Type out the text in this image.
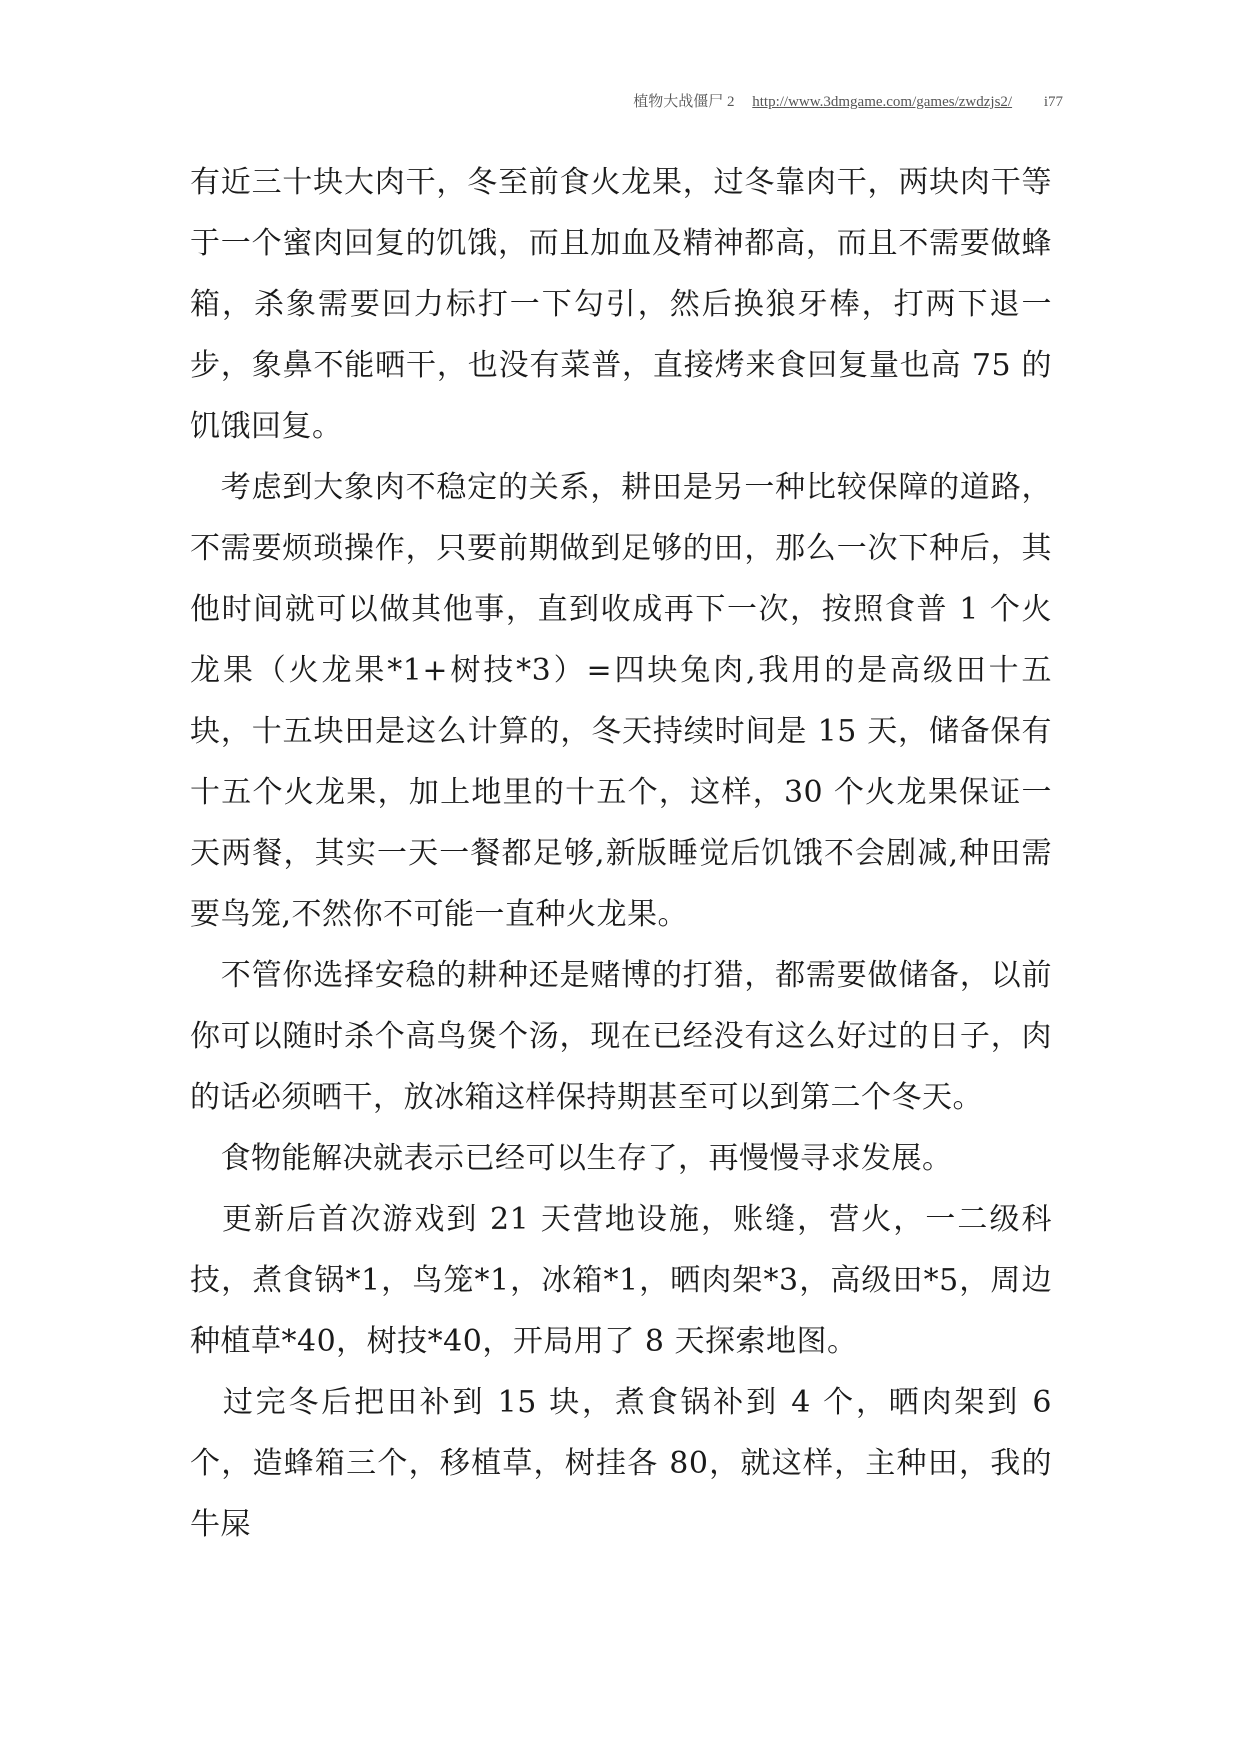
植物大战僵尸 2 http://www.3dmgame.com/games/zwdzjs2/ i77

有近三十块大肉干，冬至前食火龙果，过冬靠肉干，两块肉干等于一个蜜肉回复的饥饿，而且加血及精神都高，而且不需要做蜂箱，杀象需要回力标打一下勾引，然后换狼牙棒，打两下退一步，象鼻不能晒干，也没有菜普，直接烤来食回复量也高 75 的饥饿回复。

　考虑到大象肉不稳定的关系，耕田是另一种比较保障的道路，不需要烦琐操作，只要前期做到足够的田，那么一次下种后，其他时间就可以做其他事，直到收成再下一次，按照食普 1 个火龙果（火龙果*1+树技*3）=四块兔肉,我用的是高级田十五块，十五块田是这么计算的，冬天持续时间是 15 天，储备保有十五个火龙果，加上地里的十五个，这样，30 个火龙果保证一天两餐，其实一天一餐都足够,新版睡觉后饥饿不会剧减,种田需要鸟笼,不然你不可能一直种火龙果。

　不管你选择安稳的耕种还是赌博的打猎，都需要做储备，以前你可以随时杀个高鸟煲个汤，现在已经没有这么好过的日子，肉的话必须晒干，放冰箱这样保持期甚至可以到第二个冬天。

　食物能解决就表示已经可以生存了，再慢慢寻求发展。

　更新后首次游戏到 21 天营地设施，账缝，营火，一二级科技，煮食锅*1，鸟笼*1，冰箱*1，晒肉架*3，高级田*5，周边种植草*40，树技*40，开局用了 8 天探索地图。

　过完冬后把田补到 15 块，煮食锅补到 4 个，晒肉架到 6 个，造蜂箱三个，移植草，树挂各 80，就这样，主种田，我的牛屎
